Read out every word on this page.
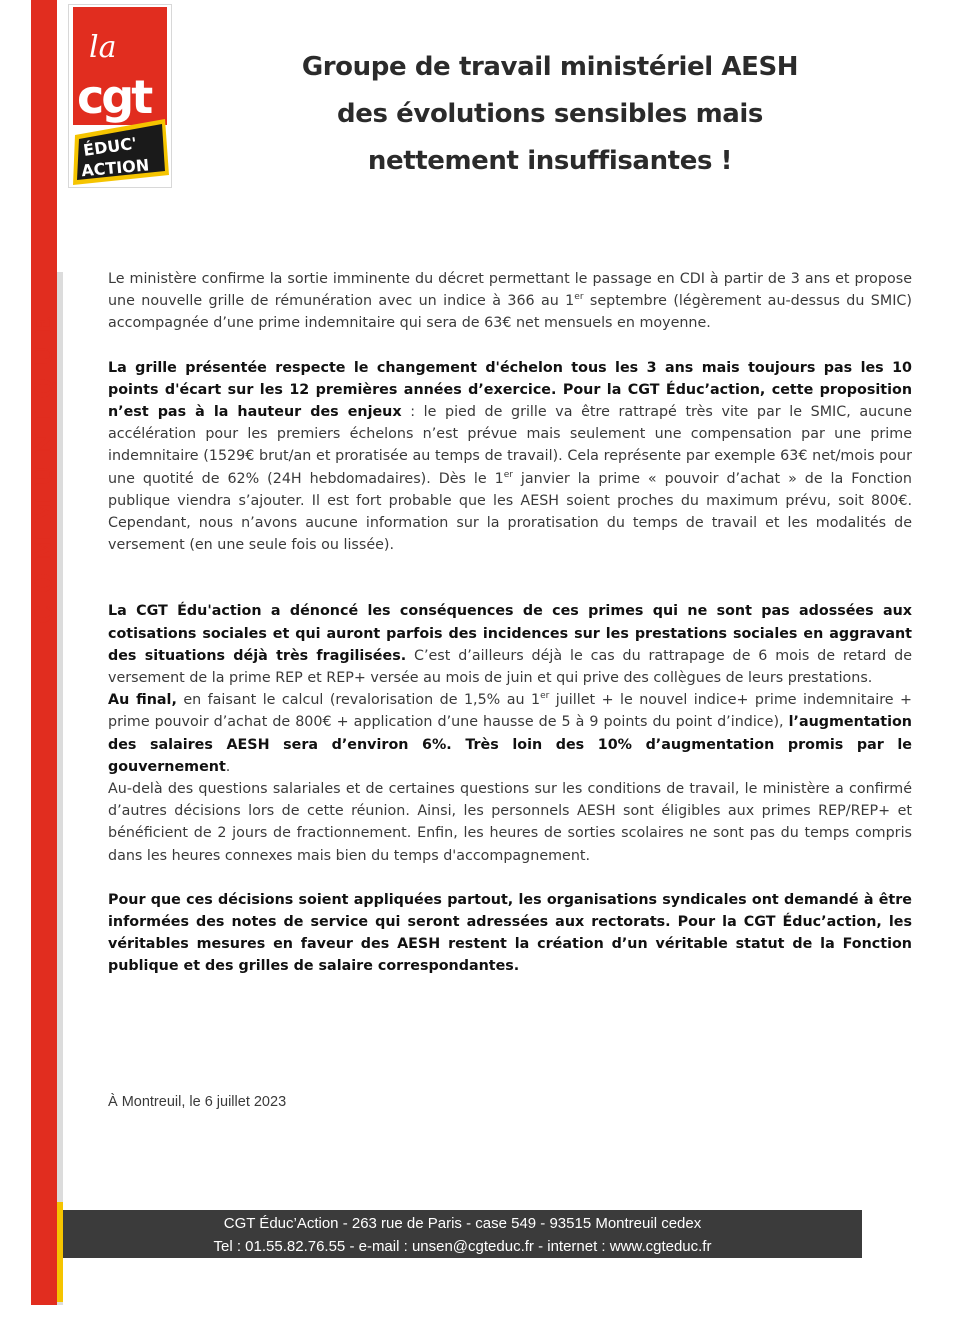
COMMUNIQUE
la
cgt
ÉDUC'
ACTION
Groupe de travail ministériel AESH
des évolutions sensibles mais
nettement insuffisantes !

Le ministère confirme la sortie imminente du décret permettant le passage en CDI à partir de 3 ans et propose une nouvelle grille de rémunération avec un indice à 366 au 1er septembre (légèrement au-dessus du SMIC) accompagnée d’une prime indemnitaire qui sera de 63€ net mensuels en moyenne.

La grille présentée respecte le changement d'échelon tous les 3 ans mais toujours pas les 10 points d'écart sur les 12 premières années d’exercice. Pour la CGT Éduc’action, cette proposition n’est pas à la hauteur des enjeux : le pied de grille va être rattrapé très vite par le SMIC, aucune accélération pour les premiers échelons n’est prévue mais seulement une compensation par une prime indemnitaire (1529€ brut/an et proratisée au temps de travail). Cela représente par exemple 63€ net/mois pour une quotité de 62% (24H hebdomadaires). Dès le 1er janvier la prime « pouvoir d’achat » de la Fonction publique viendra s’ajouter. Il est fort probable que les AESH soient proches du maximum prévu, soit 800€. Cependant, nous n’avons aucune information sur la proratisation du temps de travail et les modalités de versement (en une seule fois ou lissée).

La CGT Édu'action a dénoncé les conséquences de ces primes qui ne sont pas adossées aux cotisations sociales et qui auront parfois des incidences sur les prestations sociales en aggravant des situations déjà très fragilisées. C’est d’ailleurs déjà le cas du rattrapage de 6 mois de retard de versement de la prime REP et REP+ versée au mois de juin et qui prive des collègues de leurs prestations.

Au final, en faisant le calcul (revalorisation de 1,5% au 1er juillet + le nouvel indice+ prime indemnitaire + prime pouvoir d’achat de 800€ + application d’une hausse de 5 à 9 points du point d’indice), l’augmentation des salaires AESH sera d’environ 6%. Très loin des 10% d’augmentation promis par le gouvernement.

Au-delà des questions salariales et de certaines questions sur les conditions de travail, le ministère a confirmé d’autres décisions lors de cette réunion. Ainsi, les personnels AESH sont éligibles aux primes REP/REP+ et bénéficient de 2 jours de fractionnement. Enfin, les heures de sorties scolaires ne sont pas du temps compris dans les heures connexes mais bien du temps d'accompagnement.

Pour que ces décisions soient appliquées partout, les organisations syndicales ont demandé à être informées des notes de service qui seront adressées aux rectorats. Pour la CGT Éduc’action, les véritables mesures en faveur des AESH restent la création d’un véritable statut de la Fonction publique et des grilles de salaire correspondantes.

À Montreuil, le 6 juillet 2023
CGT Éduc’Action - 263 rue de Paris - case 549 - 93515 Montreuil cedex
Tel : 01.55.82.76.55 - e-mail : unsen@cgteduc.fr - internet : www.cgteduc.fr
